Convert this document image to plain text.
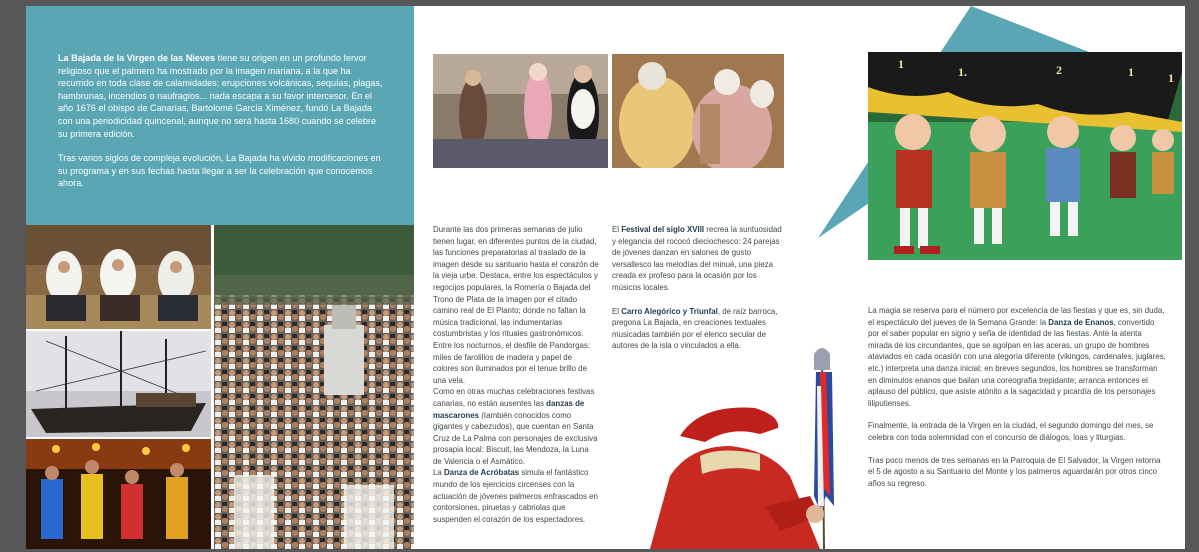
La Bajada de la Virgen de las Nieves tiene su origen en un profundo fervor religioso que el palmero ha mostrado por la imagen mariana, a la que ha recurrido en toda clase de calamidades: erupciones volcánicas, sequías, plagas, hambrunas, incendios o naufragios... nada escapa a su favor intercesor. En el año 1676 el obispo de Canarias, Bartolomé García Ximénez, fundó La Bajada con una periodicidad quincenal, aunque no será hasta 1680 cuando se celebre su primera edición.

Tras varios siglos de compleja evolución, La Bajada ha vivido modificaciones en su programa y en sus fechas hasta llegar a ser la celebración que conocemos ahora.

Durante las dos primeras semanas de julio tienen lugar, en diferentes puntos de la ciudad, las funciones preparatorias al traslado de la imagen desde su santuario hasta el corazón de la vieja urbe. Destaca, entre los espectáculos y regocijos populares, la Romería o Bajada del Trono de Plata de la imagen por el citado camino real de El Planto; donde no faltan la música tradicional, las indumentarias costumbristas y los rituales gastronómicos. Entre los nocturnos, el desfile de Pandorgas: miles de farolillos de madera y papel de colores son iluminados por el tenue brillo de una vela.

Como en otras muchas celebraciones festivas canarias, no están ausentes las danzas de mascarones (también conocidos como gigantes y cabezudos), que cuentan en Santa Cruz de La Palma con personajes de exclusiva prosapia local: Biscuit, las Mendoza, la Luna de Valencia o el Asmático.

La Danza de Acróbatas simula el fantástico mundo de los ejercicios circenses con la actuación de jóvenes palmeros enfrascados en contorsiones, piruetas y cabriolas que suspenden el corazón de los espectadores.

El Festival del siglo XVIII recrea la suntuosidad y elegancia del rococó dieciochesco: 24 parejas de jóvenes danzan en salones de gusto versallesco las melodías del minué, una pieza creada ex profeso para la ocasión por los músicos locales.

El Carro Alegórico y Triunfal, de raíz barroca, pregona La Bajada, en creaciones textuales musicadas también por el elenco secular de autores de la isla o vinculados a ella.

1
1.	2	1	1

La magia se reserva para el número por excelencia de las fiestas y que es, sin duda, el espectáculo del jueves de la Semana Grande: la Danza de Enanos, convertido por el saber popular en signo y seña de identidad de las fiestas. Ante la atenta mirada de los circundantes, que se agolpan en las aceras, un grupo de hombres ataviados en cada ocasión con una alegoría diferente (vikingos, cardenales, juglares, etc.) interpreta una danza inicial; en breves segundos, los hombres se transforman en diminutos enanos que bailan una coreografía trepidante; arranca entonces el aplauso del público, que asiste atónito a la sagacidad y picardía de los personajes liliputienses.

Finalmente, la entrada de la Virgen en la ciudad, el segundo domingo del mes, se celebra con toda solemnidad con el concurso de diálogos, loas y liturgias.

Tras poco menos de tres semanas en la Parroquia de El Salvador, la Virgen retorna el 5 de agosto a su Santuario del Monte y los palmeros aguardarán por otros cinco años su regreso.
